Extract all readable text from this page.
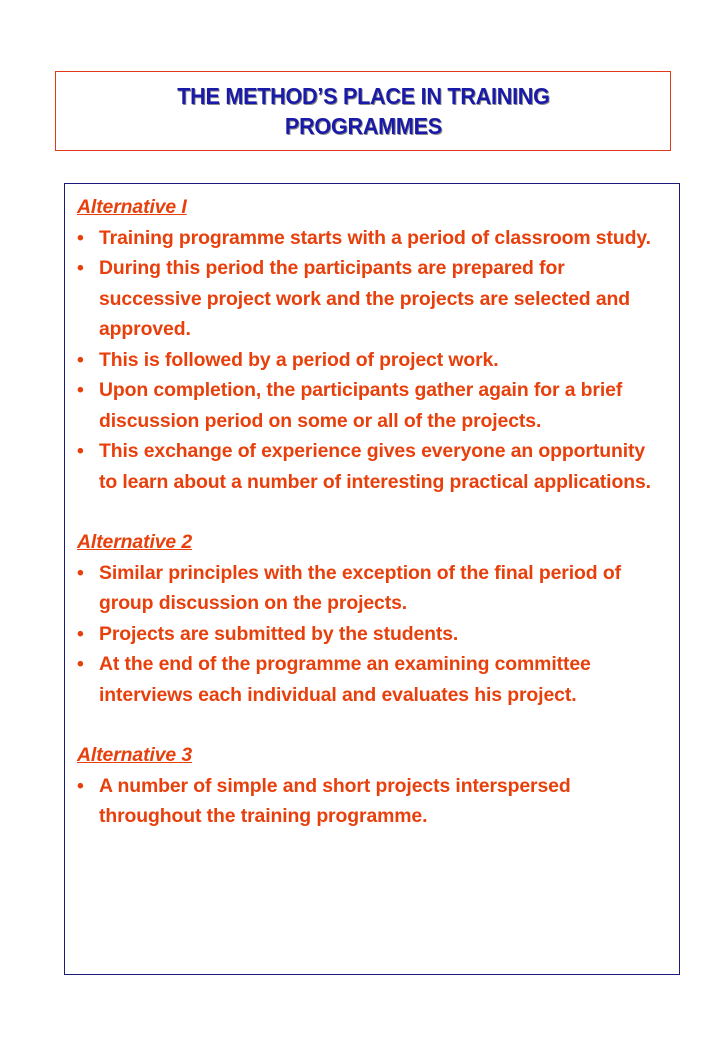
THE METHOD’S PLACE IN TRAINING
PROGRAMMES
Alternative I
• Training programme starts with a period of classroom study.
• During this period the participants are prepared for successive project work and the projects are selected and approved.
• This is followed by a period of project work.
• Upon completion, the participants gather again for a brief discussion period on some or all of the projects.
• This exchange of experience gives everyone an opportunity to learn about a number of interesting practical applications.
Alternative 2
• Similar principles with the exception of the final period of group discussion on the projects.
• Projects are submitted by the students.
• At the end of the programme an examining committee interviews each individual and evaluates his project.
Alternative 3
• A number of simple and short projects interspersed throughout the training programme.
